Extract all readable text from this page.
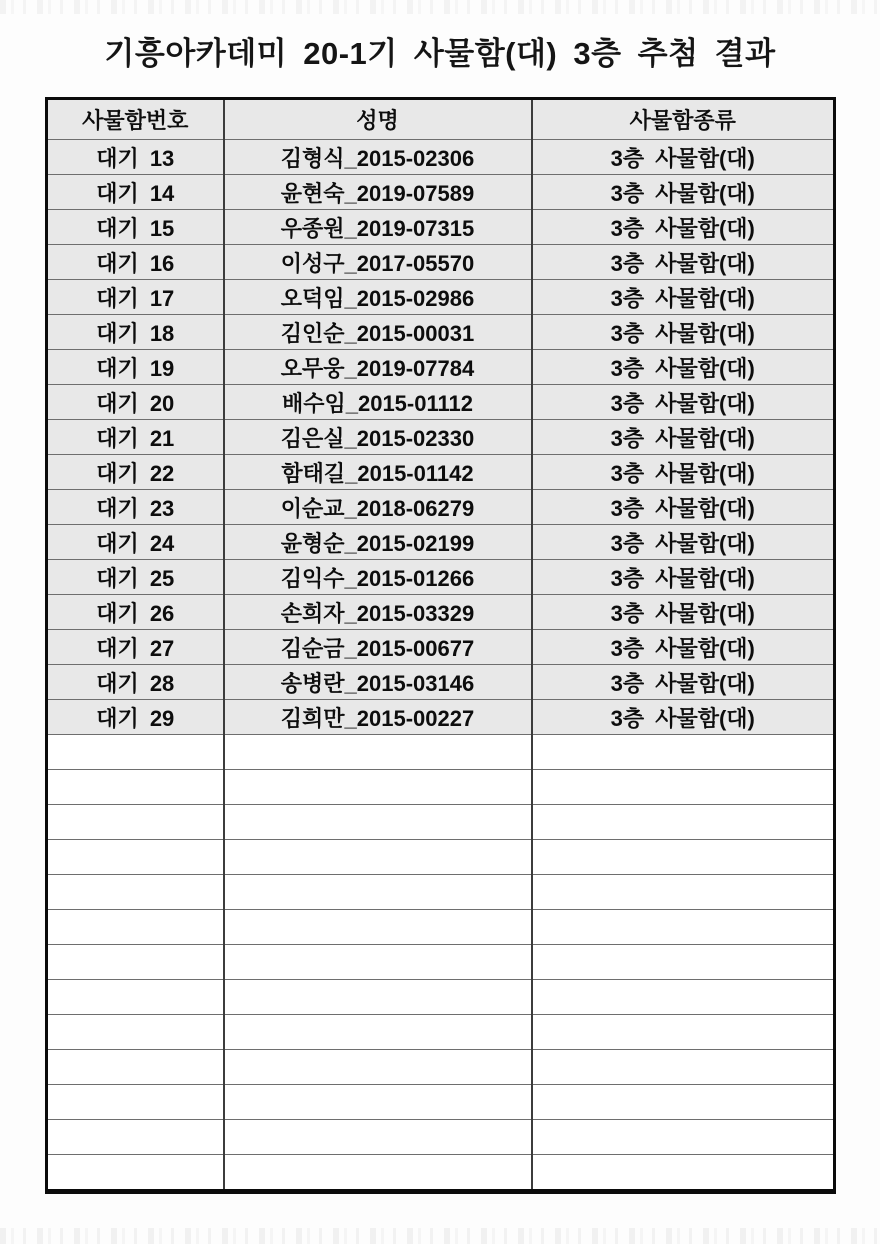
기흥아카데미 20-1기 사물함(대) 3층 추첨 결과
사물함번호	성명	사물함종류
대기 13	김형식_2015-02306	3층 사물함(대)
대기 14	윤현숙_2019-07589	3층 사물함(대)
대기 15	우종원_2019-07315	3층 사물함(대)
대기 16	이성구_2017-05570	3층 사물함(대)
대기 17	오덕임_2015-02986	3층 사물함(대)
대기 18	김인순_2015-00031	3층 사물함(대)
대기 19	오무웅_2019-07784	3층 사물함(대)
대기 20	배수임_2015-01112	3층 사물함(대)
대기 21	김은실_2015-02330	3층 사물함(대)
대기 22	함태길_2015-01142	3층 사물함(대)
대기 23	이순교_2018-06279	3층 사물함(대)
대기 24	윤형순_2015-02199	3층 사물함(대)
대기 25	김익수_2015-01266	3층 사물함(대)
대기 26	손희자_2015-03329	3층 사물함(대)
대기 27	김순금_2015-00677	3층 사물함(대)
대기 28	송병란_2015-03146	3층 사물함(대)
대기 29	김희만_2015-00227	3층 사물함(대)
